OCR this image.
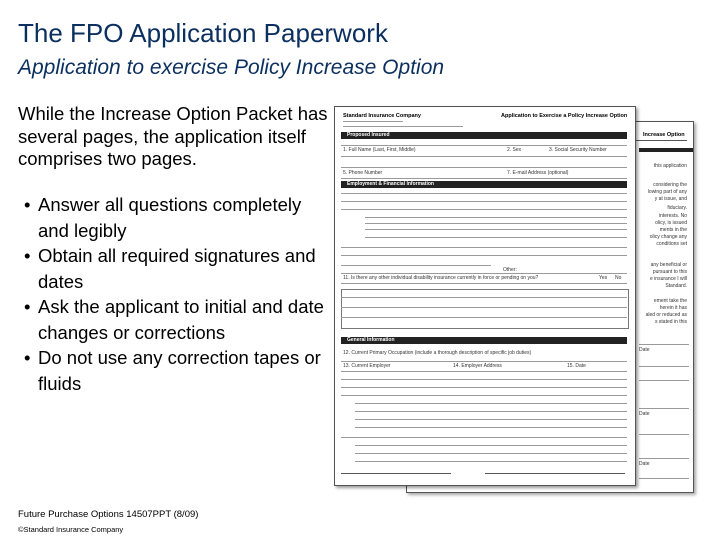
The FPO Application Paperwork
Application to exercise Policy Increase Option
While the Increase Option Packet has several pages, the application itself comprises two pages.
• Answer all questions completely and legibly
• Obtain all required signatures and dates
• Ask the applicant to initial and date changes or corrections
• Do not use any correction tapes or fluids
Future Purchase Options 14507PPT (8/09)
©Standard Insurance Company
Increase Option
this application
considering the
lowing part of any
y at issue, and
fiduciary.
interests. No
olicy, is issued
ments in the
olicy change any
conditions set
any beneficial or
pursuant to this
e insurance I will
Standard.
ement take the
herein it has
aled or reduced as
s stated in this
Date
Date
Date
Standard Insurance Company	Application to Exercise a Policy Increase Option
Proposed Insured
1. Full Name (Last, First, Middle)	2. Sex	3. Social Security Number
5. Phone Number	7. E-mail Address (optional)
Employment & Financial Information
Other:
11. Is there any other individual disability insurance currently in force or pending on you?	Yes No
General Information
12. Current Primary Occupation (include a thorough description of specific job duties)
13. Current Employer	14. Employer Address	15. Date
